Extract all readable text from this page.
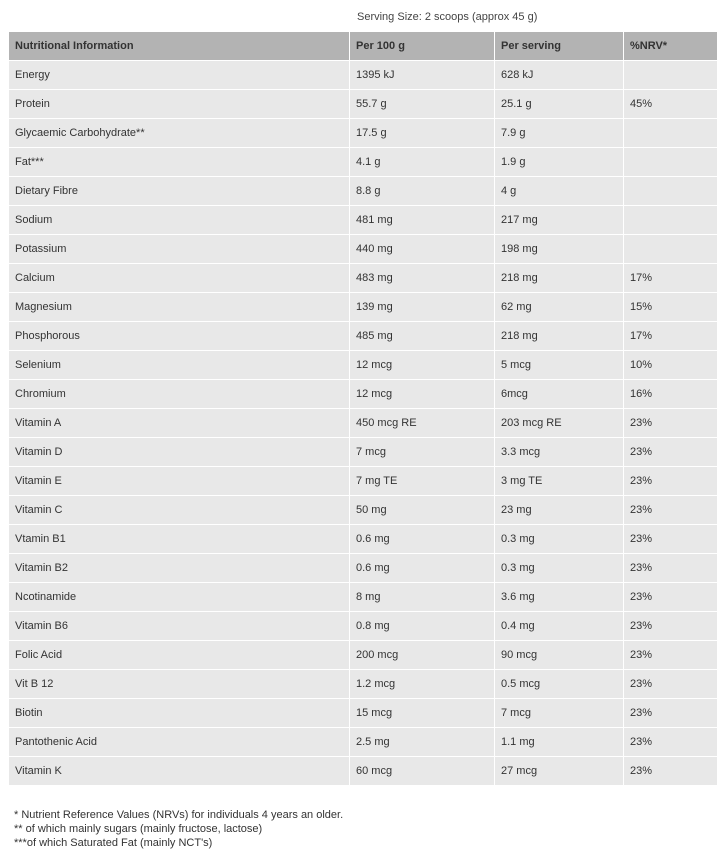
Serving Size: 2 scoops (approx 45 g)
Nutritional Information	Per 100 g	Per serving	%NRV*
Energy	1395 kJ	628 kJ	
Protein	55.7 g	25.1 g	45%
Glycaemic Carbohydrate**	17.5 g	7.9 g	
Fat***	4.1 g	1.9 g	
Dietary Fibre	8.8 g	4 g	
Sodium	481 mg	217 mg	
Potassium	440 mg	198 mg	
Calcium	483 mg	218 mg	17%
Magnesium	139 mg	62 mg	15%
Phosphorous	485 mg	218 mg	17%
Selenium	12 mcg	5 mcg	10%
Chromium	12 mcg	6mcg	16%
Vitamin A	450 mcg RE	203 mcg RE	23%
Vitamin D	7 mcg	3.3 mcg	23%
Vitamin E	7 mg TE	3 mg TE	23%
Vitamin C	50 mg	23 mg	23%
Vtamin B1	0.6 mg	0.3 mg	23%
Vitamin B2	0.6 mg	0.3 mg	23%
Ncotinamide	8 mg	3.6 mg	23%
Vitamin B6	0.8 mg	0.4 mg	23%
Folic Acid	200 mcg	90 mcg	23%
Vit B 12	1.2 mcg	0.5 mcg	23%
Biotin	15 mcg	7 mcg	23%
Pantothenic Acid	2.5 mg	1.1 mg	23%
Vitamin K	60 mcg	27 mcg	23%
* Nutrient Reference Values (NRVs) for individuals 4 years an older.
** of which mainly sugars (mainly fructose, lactose)
***of which Saturated Fat (mainly NCT's)
